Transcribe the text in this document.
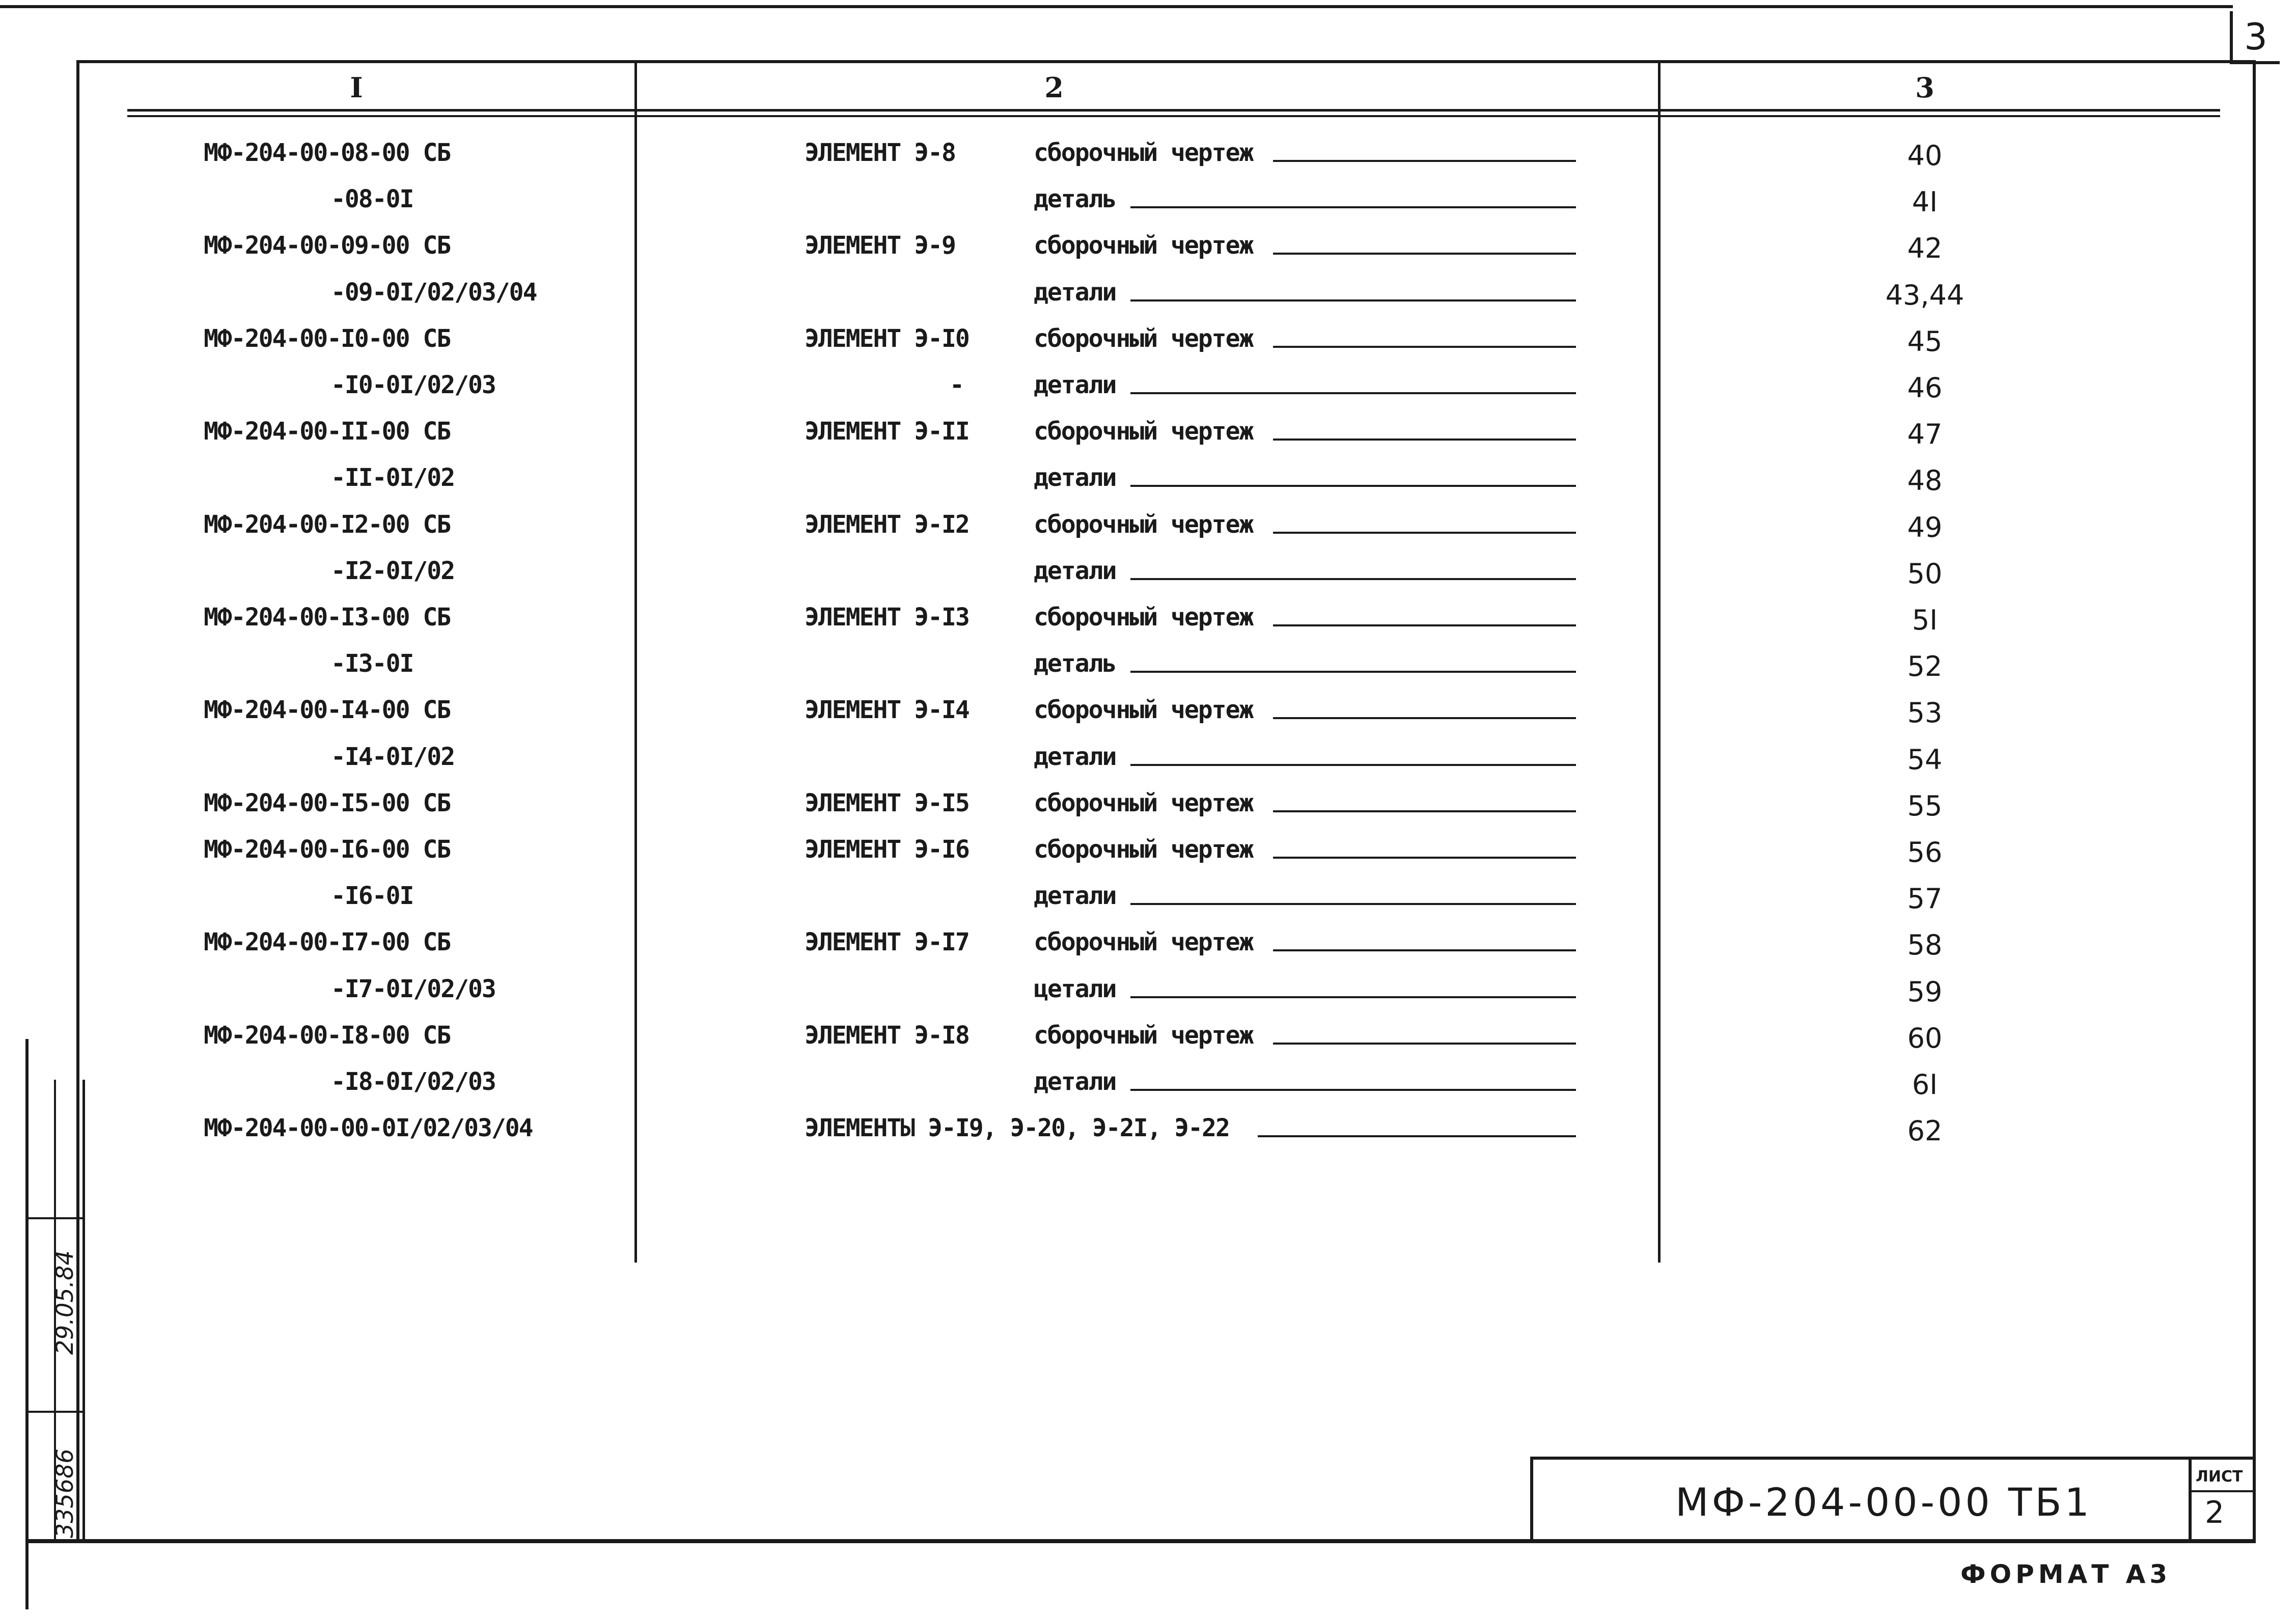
3
I	2	3
МФ-204-00-08-00 СБ	ЭЛЕМЕНТ Э-8	сборочный чертеж	40
-08-0I	деталь	4I
МФ-204-00-09-00 СБ	ЭЛЕМЕНТ Э-9	сборочный чертеж	42
-09-0I/02/03/04	детали	43,44
МФ-204-00-I0-00 СБ	ЭЛЕМЕНТ Э-I0	сборочный чертеж	45
-I0-0I/02/03	-	детали	46
МФ-204-00-II-00 СБ	ЭЛЕМЕНТ Э-II	сборочный чертеж	47
-II-0I/02	детали	48
МФ-204-00-I2-00 СБ	ЭЛЕМЕНТ Э-I2	сборочный чертеж	49
-I2-0I/02	детали	50
МФ-204-00-I3-00 СБ	ЭЛЕМЕНТ Э-I3	сборочный чертеж	5I
-I3-0I	деталь	52
МФ-204-00-I4-00 СБ	ЭЛЕМЕНТ Э-I4	сборочный чертеж	53
-I4-0I/02	детали	54
МФ-204-00-I5-00 СБ	ЭЛЕМЕНТ Э-I5	сборочный чертеж	55
МФ-204-00-I6-00 СБ	ЭЛЕМЕНТ Э-I6	сборочный чертеж	56
-I6-0I	детали	57
МФ-204-00-I7-00 СБ	ЭЛЕМЕНТ Э-I7	сборочный чертеж	58
-I7-0I/02/03	цетали	59
МФ-204-00-I8-00 СБ	ЭЛЕМЕНТ Э-I8	сборочный чертеж	60
-I8-0I/02/03	детали	6I
МФ-204-00-00-0I/02/03/04	ЭЛЕМЕНТЫ Э-I9, Э-20, Э-2I, Э-22	62
335686
29.05.84
МФ-204-00-00 ТБ1
ЛИСТ
2
ФОРМАТ А3
